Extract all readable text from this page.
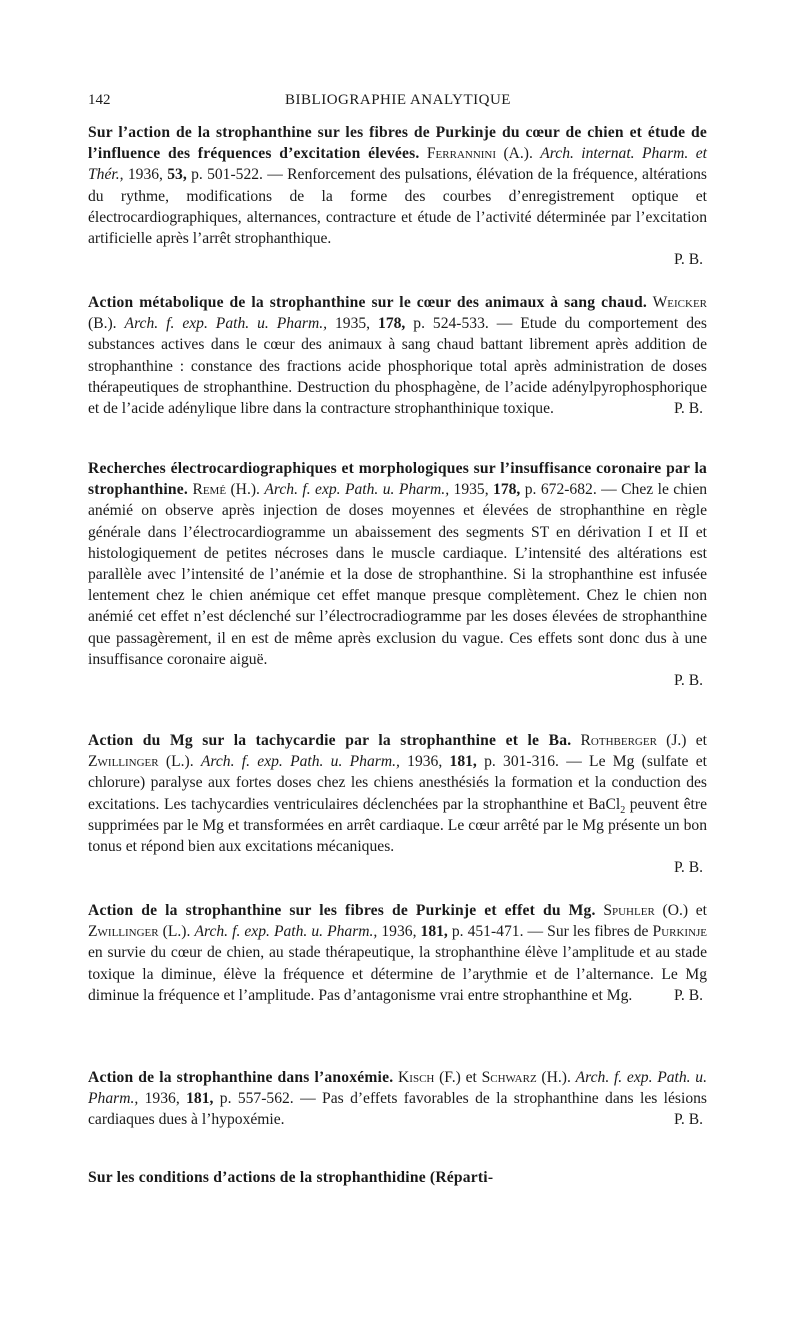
142	BIBLIOGRAPHIE ANALYTIQUE
Sur l’action de la strophanthine sur les fibres de Purkinje du cœur de chien et étude de l’influence des fréquences d’excitation élevées. Ferrannini (A.). Arch. internat. Pharm. et Thér., 1936, 53, p. 501-522. — Renforcement des pulsations, élévation de la fréquence, altérations du rythme, modifications de la forme des courbes d’enregistrement optique et électrocardiographiques, alternances, contracture et étude de l’activité déterminée par l’excitation artificielle après l’arrêt strophanthique.
P. B.
Action métabolique de la strophanthine sur le cœur des animaux à sang chaud. Weicker (B.). Arch. f. exp. Path. u. Pharm., 1935, 178, p. 524-533. — Etude du comportement des substances actives dans le cœur des animaux à sang chaud battant librement après addition de strophanthine : constance des fractions acide phosphorique total après administration de doses thérapeutiques de strophanthine. Destruction du phosphagène, de l’acide adénylpyrophosphorique et de l’acide adénylique libre dans la contracture strophanthinique toxique.	P. B.
Recherches électrocardiographiques et morphologiques sur l’insuffisance coronaire par la strophanthine. Remé (H.). Arch. f. exp. Path. u. Pharm., 1935, 178, p. 672-682. — Chez le chien anémié on observe après injection de doses moyennes et élevées de strophanthine en règle générale dans l’électrocardiogramme un abaissement des segments ST en dérivation I et II et histologiquement de petites nécroses dans le muscle cardiaque. L’intensité des altérations est parallèle avec l’intensité de l’anémie et la dose de strophanthine. Si la strophanthine est infusée lentement chez le chien anémique cet effet manque presque complètement. Chez le chien non anémié cet effet n’est déclenché sur l’électrocradiogramme par les doses élevées de strophanthine que passagèrement, il en est de même après exclusion du vague. Ces effets sont donc dus à une insuffisance coronaire aiguë.
P. B.
Action du Mg sur la tachycardie par la strophanthine et le Ba. Rothberger (J.) et Zwillinger (L.). Arch. f. exp. Path. u. Pharm., 1936, 181, p. 301-316. — Le Mg (sulfate et chlorure) paralyse aux fortes doses chez les chiens anesthésiés la formation et la conduction des excitations. Les tachycardies ventriculaires déclenchées par la strophanthine et BaCl$_2$ peuvent être supprimées par le Mg et transformées en arrêt cardiaque. Le cœur arrêté par le Mg présente un bon tonus et répond bien aux excitations mécaniques.
P. B.
Action de la strophanthine sur les fibres de Purkinje et effet du Mg. Spuhler (O.) et Zwillinger (L.). Arch. f. exp. Path. u. Pharm., 1936, 181, p. 451-471. — Sur les fibres de Purkinje en survie du cœur de chien, au stade thérapeutique, la strophanthine élève l’amplitude et au stade toxique la diminue, élève la fréquence et détermine de l’arythmie et de l’alternance. Le Mg diminue la fréquence et l’amplitude. Pas d’antagonisme vrai entre strophanthine et Mg.	P. B.
Action de la strophanthine dans l’anoxémie. Kisch (F.) et Schwarz (H.). Arch. f. exp. Path. u. Pharm., 1936, 181, p. 557-562. — Pas d’effets favorables de la strophanthine dans les lésions cardiaques dues à l’hypoxémie.	P. B.
Sur les conditions d’actions de la strophanthidine (Réparti-
